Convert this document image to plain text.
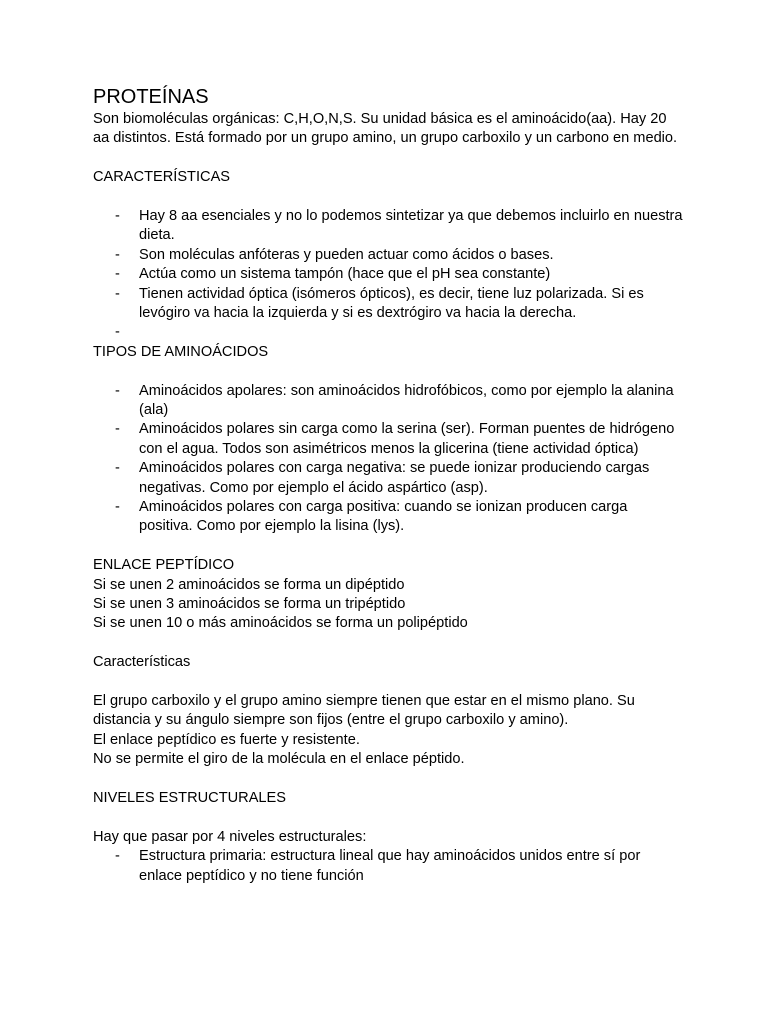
PROTEÍNAS

Son biomoléculas orgánicas: C,H,O,N,S. Su unidad básica es el aminoácido(aa). Hay 20 aa distintos. Está formado por un grupo amino, un grupo carboxilo y un carbono en medio.

CARACTERÍSTICAS

- Hay 8 aa esenciales y no lo podemos sintetizar ya que debemos incluirlo en nuestra dieta.
- Son moléculas anfóteras y pueden actuar como ácidos o bases.
- Actúa como un sistema tampón (hace que el pH sea constante)
- Tienen actividad óptica (isómeros ópticos), es decir, tiene luz polarizada. Si es levógiro va hacia la izquierda y si es dextrógiro va hacia la derecha.
-

TIPOS DE AMINOÁCIDOS

- Aminoácidos apolares: son aminoácidos hidrofóbicos, como por ejemplo la alanina (ala)
- Aminoácidos polares sin carga como la serina (ser). Forman puentes de hidrógeno con el agua. Todos son asimétricos menos la glicerina (tiene actividad óptica)
- Aminoácidos polares con carga negativa: se puede ionizar produciendo cargas negativas. Como por ejemplo el ácido aspártico (asp).
- Aminoácidos polares con carga positiva: cuando se ionizan producen carga positiva. Como por ejemplo la lisina (lys).

ENLACE PEPTÍDICO

Si se unen 2 aminoácidos se forma un dipéptido

Si se unen 3 aminoácidos se forma un tripéptido

Si se unen 10 o más aminoácidos se forma un polipéptido

Características

El grupo carboxilo y el grupo amino siempre tienen que estar en el mismo plano. Su distancia y su ángulo siempre son fijos (entre el grupo carboxilo y amino).

El enlace peptídico es fuerte y resistente.

No se permite el giro de la molécula en el enlace péptido.

NIVELES ESTRUCTURALES

Hay que pasar por 4 niveles estructurales:

- Estructura primaria: estructura lineal que hay aminoácidos unidos entre sí por enlace peptídico y no tiene función
